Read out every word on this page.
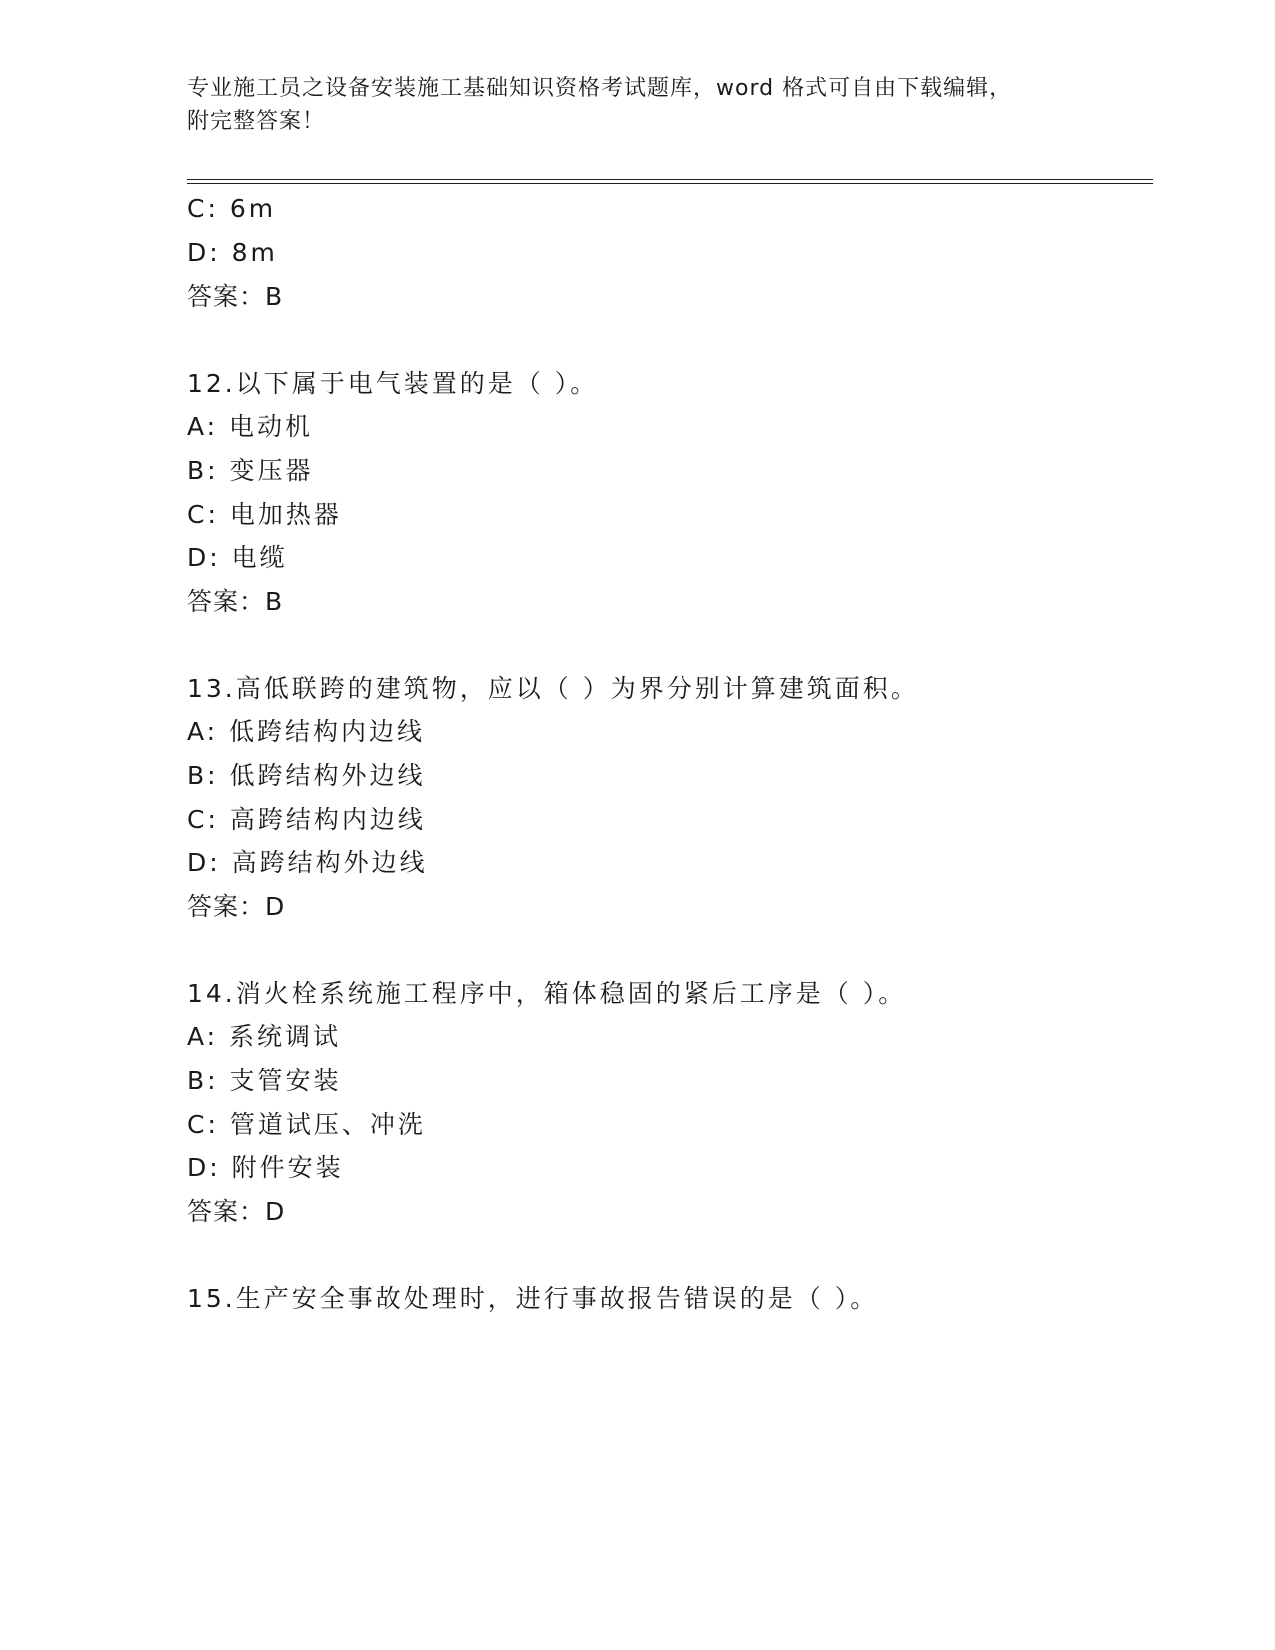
专业施工员之设备安装施工基础知识资格考试题库，word 格式可自由下载编辑，
附完整答案！
C: 6m
D: 8m
答案：B
12.以下属于电气装置的是（ ）。
A: 电动机
B: 变压器
C: 电加热器
D: 电缆
答案：B
13.高低联跨的建筑物，应以（ ）为界分别计算建筑面积。
A: 低跨结构内边线
B: 低跨结构外边线
C: 高跨结构内边线
D: 高跨结构外边线
答案：D
14.消火栓系统施工程序中，箱体稳固的紧后工序是（ ）。
A: 系统调试
B: 支管安装
C: 管道试压、冲洗
D: 附件安装
答案：D
15.生产安全事故处理时，进行事故报告错误的是（ ）。
